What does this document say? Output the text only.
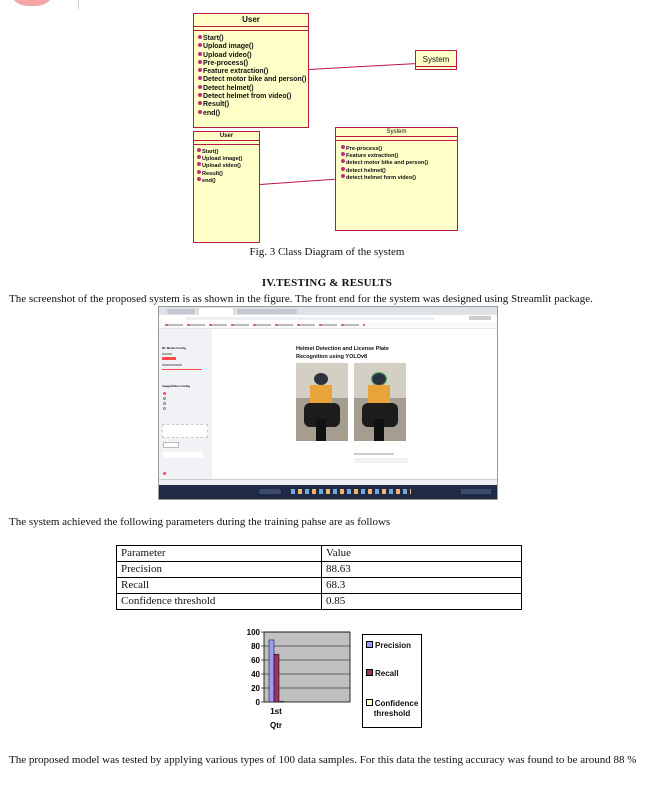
User
Start()
Upload image()
Upload video()
Pre-process()
Feature extraction()
Detect motor bike and person()
Detect helmet()
Detect helmet from video()
Result()
end()
System
User
Start()
Upload image()
Upload video()
Result()
end()
System
Pre-process()
Feature extraction()
detect motor bike and person()
detect helmet()
detect helmet form video()
Fig. 3 Class Diagram of the system
IV.TESTING & RESULTS
The screenshot of the proposed system is as shown in the figure. The front end for the system was designed using Streamlit package.
DL Model Config
Image/Video Config
Helmet Detection and License Plate
Recognition using YOLOv8
The system achieved the following parameters during the training pahse are as follows
Parameter	Value
Precision	88.63
Recall	68.3
Confidence threshold	0.85
0
20
40
60
80
100
1st
Qtr
Precision
Recall
Confidence threshold
The proposed model was tested by applying various types of 100 data samples. For this data the testing accuracy was found to be around 88 %
